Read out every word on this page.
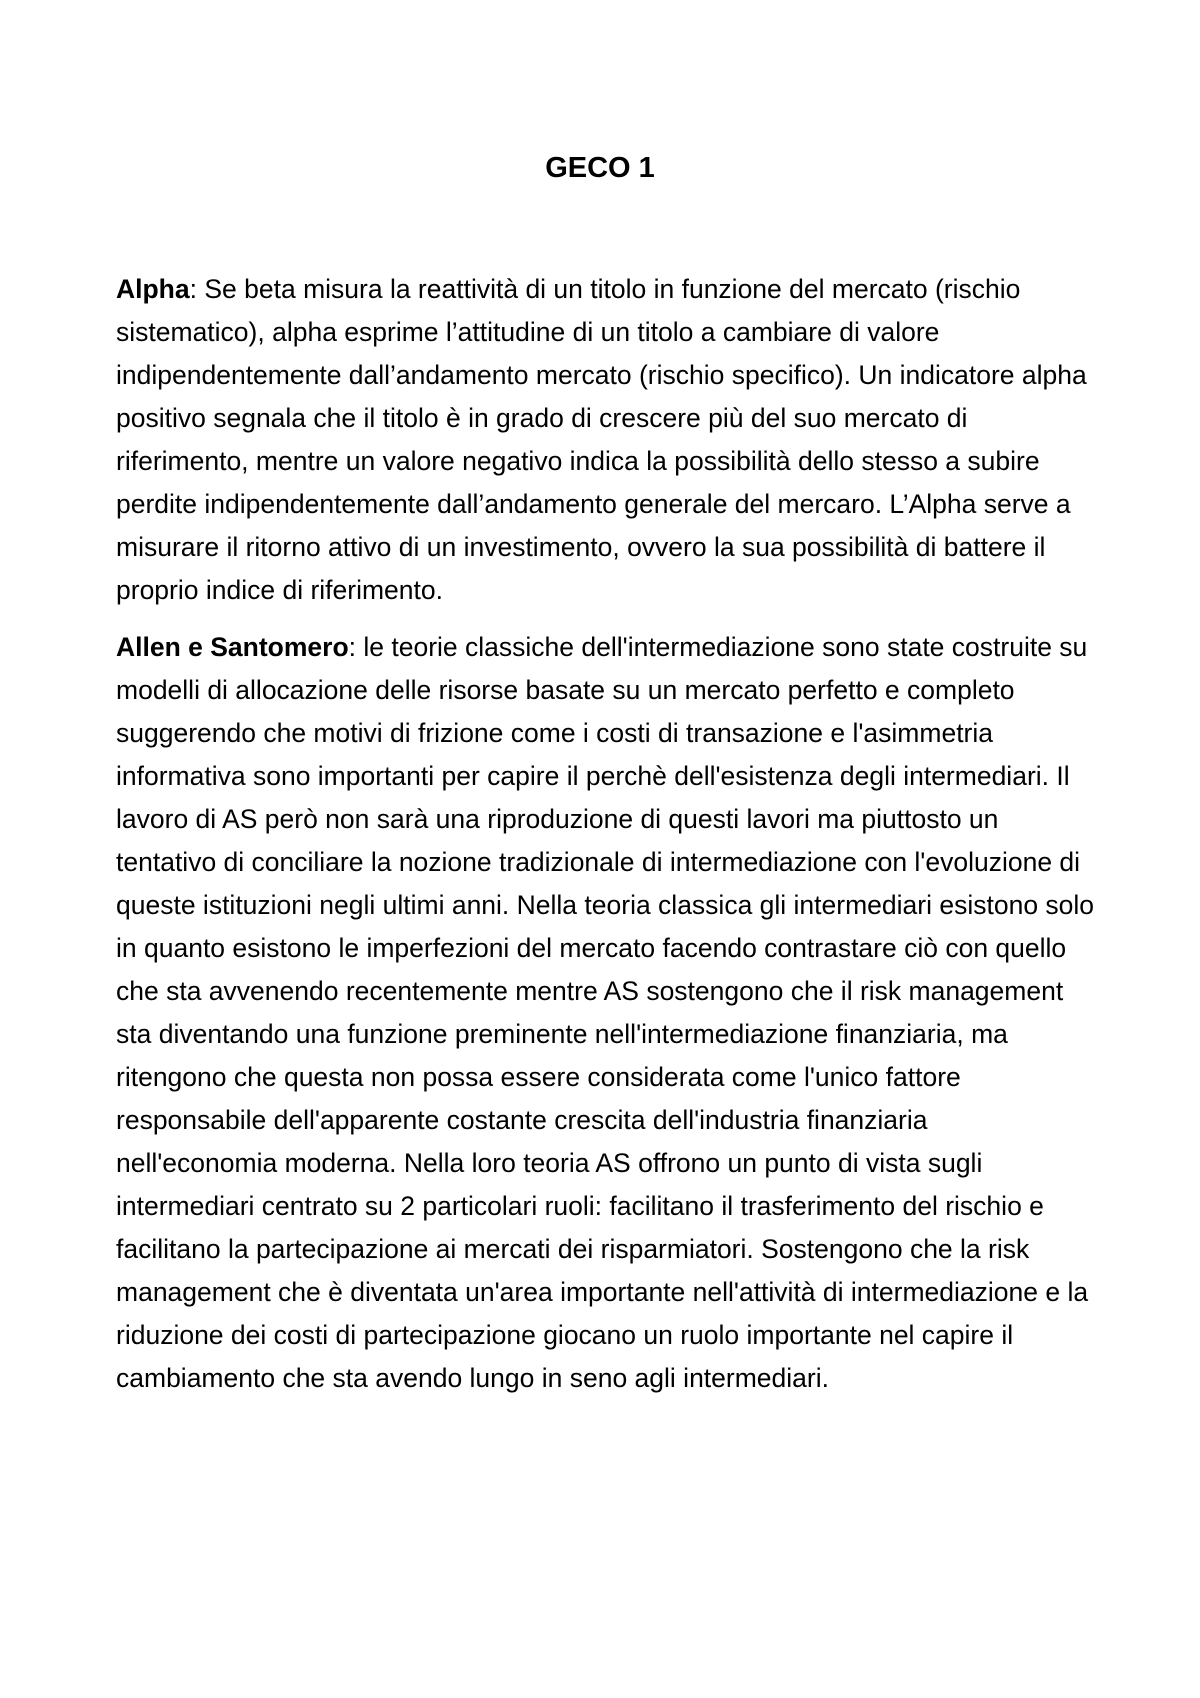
GECO 1

Alpha: Se beta misura la reattività di un titolo in funzione del mercato (rischio sistematico), alpha esprime l’attitudine di un titolo a cambiare di valore indipendentemente dall’andamento mercato (rischio specifico). Un indicatore alpha positivo segnala che il titolo è in grado di crescere più del suo mercato di riferimento, mentre un valore negativo indica la possibilità dello stesso a subire perdite indipendentemente dall’andamento generale del mercaro. L’Alpha serve a misurare il ritorno attivo di un investimento, ovvero la sua possibilità di battere il proprio indice di riferimento.

Allen e Santomero: le teorie classiche dell'intermediazione sono state costruite su modelli di allocazione delle risorse basate su un mercato perfetto e completo suggerendo che motivi di frizione come i costi di transazione e l'asimmetria informativa sono importanti per capire il perchè dell'esistenza degli intermediari. Il lavoro di AS però non sarà una riproduzione di questi lavori ma piuttosto un tentativo di conciliare la nozione tradizionale di intermediazione con l'evoluzione di queste istituzioni negli ultimi anni. Nella teoria classica gli intermediari esistono solo in quanto esistono le imperfezioni del mercato facendo contrastare ciò con quello che sta avvenendo recentemente mentre AS sostengono che il risk management sta diventando una funzione preminente nell'intermediazione finanziaria, ma ritengono che questa non possa essere considerata come l'unico fattore responsabile dell'apparente costante crescita dell'industria finanziaria nell'economia moderna. Nella loro teoria AS offrono un punto di vista sugli intermediari centrato su 2 particolari ruoli: facilitano il trasferimento del rischio e facilitano la partecipazione ai mercati dei risparmiatori. Sostengono che la risk management che è diventata un'area importante nell'attività di intermediazione e la riduzione dei costi di partecipazione giocano un ruolo importante nel capire il cambiamento che sta avendo lungo in seno agli intermediari.
